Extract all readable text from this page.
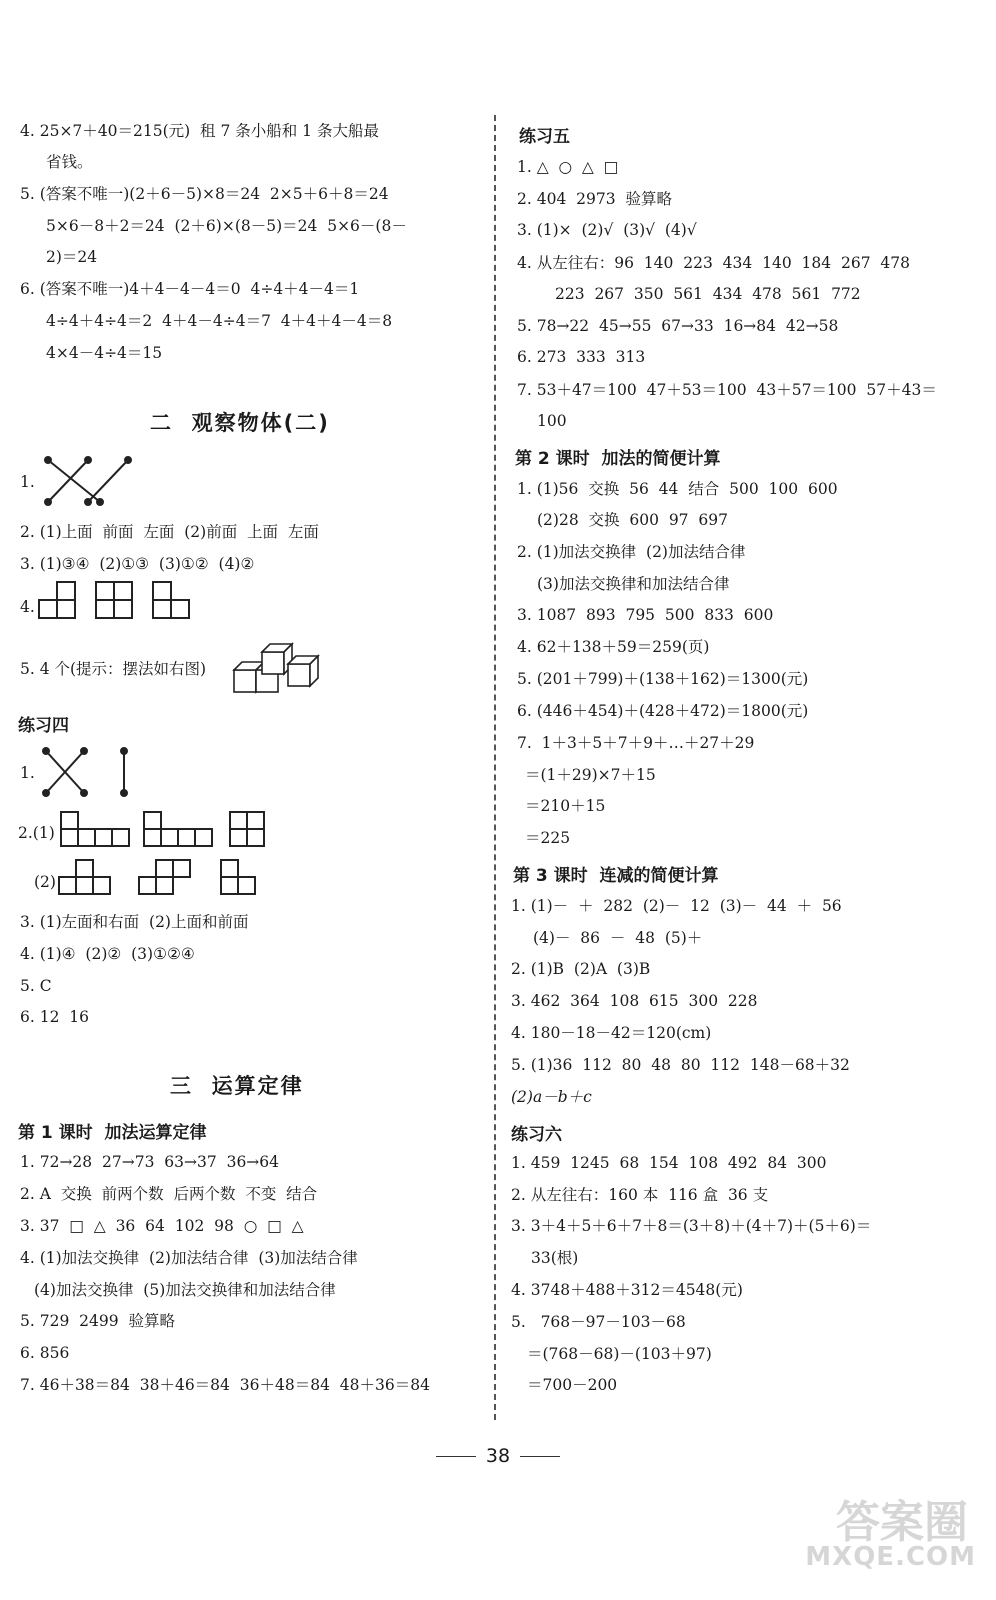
4. 25×7＋40＝215(元)  租 7 条小船和 1 条大船最
省钱。
5. (答案不唯一)(2＋6－5)×8＝24  2×5＋6＋8＝24
5×6－8＋2＝24  (2＋6)×(8－5)＝24  5×6－(8－
2)＝24
6. (答案不唯一)4＋4－4－4＝0  4÷4＋4－4＝1
4÷4＋4÷4＝2  4＋4－4÷4＝7  4＋4＋4－4＝8
4×4－4÷4＝15
二  观察物体(二)
1.
2. (1)上面  前面  左面  (2)前面  上面  左面
3. (1)③④  (2)①③  (3)①②  (4)②
4.
5. 4 个(提示：摆法如右图)
练习四
1.
2.(1)
(2)
3. (1)左面和右面  (2)上面和前面
4. (1)④  (2)②  (3)①②④
5. C
6. 12  16
三  运算定律
第 1 课时  加法运算定律
1. 72→28  27→73  63→37  36→64
2. A  交换  前两个数  后两个数  不变  结合
3. 37  □  △  36  64  102  98  ○  □  △
4. (1)加法交换律  (2)加法结合律  (3)加法结合律
(4)加法交换律  (5)加法交换律和加法结合律
5. 729  2499  验算略
6. 856
7. 46＋38＝84  38＋46＝84  36＋48＝84  48＋36＝84
练习五
1. △  ○  △  □
2. 404  2973  验算略
3. (1)×  (2)√  (3)√  (4)√
4. 从左往右：96  140  223  434  140  184  267  478
223  267  350  561  434  478  561  772
5. 78→22  45→55  67→33  16→84  42→58
6. 273  333  313
7. 53＋47＝100  47＋53＝100  43＋57＝100  57＋43＝
100
第 2 课时  加法的简便计算
1. (1)56  交换  56  44  结合  500  100  600
(2)28  交换  600  97  697
2. (1)加法交换律  (2)加法结合律
(3)加法交换律和加法结合律
3. 1087  893  795  500  833  600
4. 62＋138＋59＝259(页)
5. (201＋799)＋(138＋162)＝1300(元)
6. (446＋454)＋(428＋472)＝1800(元)
7.  1＋3＋5＋7＋9＋…＋27＋29
＝(1＋29)×7＋15
＝210＋15
＝225
第 3 课时  连减的简便计算
1. (1)－  ＋  282  (2)－  12  (3)－  44  ＋  56
(4)－  86  －  48  (5)＋
2. (1)B  (2)A  (3)B
3. 462  364  108  615  300  228
4. 180－18－42＝120(cm)
5. (1)36  112  80  48  80  112  148－68＋32
(2)a－b＋c
练习六
1. 459  1245  68  154  108  492  84  300
2. 从左往右：160 本  116 盒  36 支
3. 3＋4＋5＋6＋7＋8＝(3＋8)＋(4＋7)＋(5＋6)＝
33(根)
4. 3748＋488＋312＝4548(元)
5.   768－97－103－68
＝(768－68)－(103＋97)
＝700－200
38
答案圈
MXQE.COM
